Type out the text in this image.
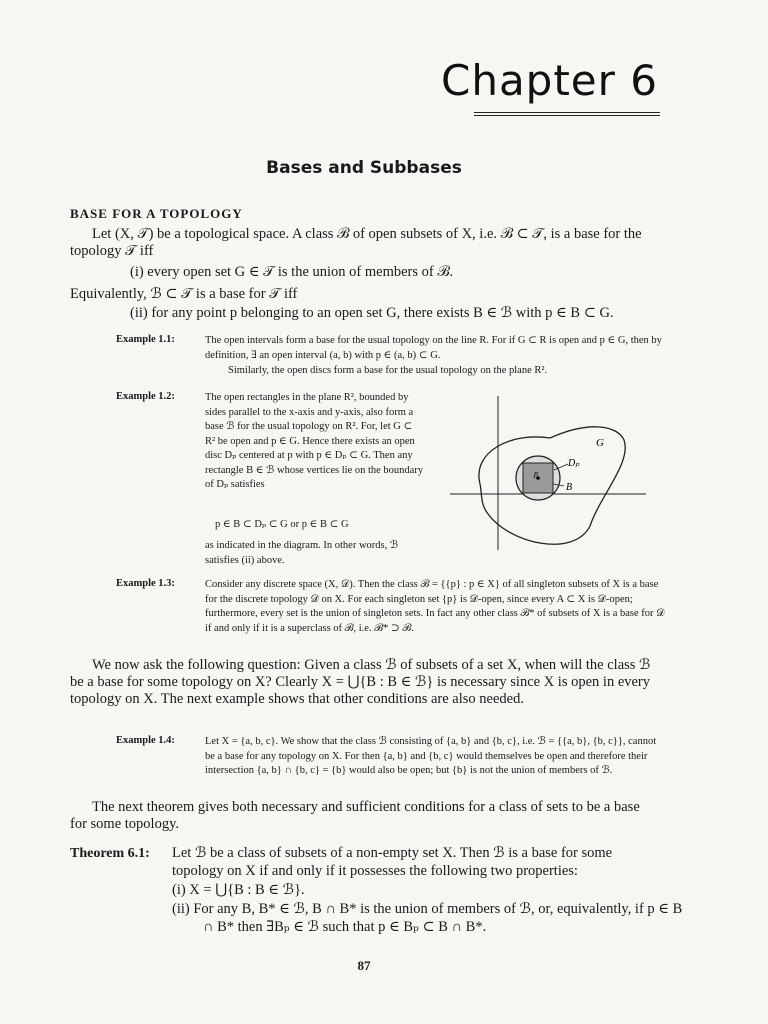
Chapter 6
Bases and Subbases
BASE FOR A TOPOLOGY
Let (X, 𝒯) be a topological space. A class ℬ of open subsets of X, i.e. ℬ ⊂ 𝒯, is a base for the topology 𝒯 iff
(i) every open set G ∈ 𝒯 is the union of members of ℬ.
Equivalently, ℬ ⊂ 𝒯 is a base for 𝒯 iff
(ii) for any point p belonging to an open set G, there exists B ∈ ℬ with p ∈ B ⊂ G.
Example 1.1:	The open intervals form a base for the usual topology on the line R. For if G ⊂ R is open and p ∈ G, then by definition, ∃ an open interval (a, b) with p ∈ (a, b) ⊂ G.
Similarly, the open discs form a base for the usual topology on the plane R².
Example 1.2:	The open rectangles in the plane R², bounded by sides parallel to the x-axis and y-axis, also form a base ℬ for the usual topology on R². For, let G ⊂ R² be open and p ∈ G. Hence there exists an open disc Dₚ centered at p with p ∈ Dₚ ⊂ G. Then any rectangle B ∈ ℬ whose vertices lie on the boundary of Dₚ satisfies
p ∈ B ⊂ Dₚ ⊂ G or p ∈ B ⊂ G
as indicated in the diagram. In other words, ℬ satisfies (ii) above.
G
Dₚ
B
p
Example 1.3:	Consider any discrete space (X, 𝒟). Then the class ℬ = {{p} : p ∈ X} of all singleton subsets of X is a base for the discrete topology 𝒟 on X. For each singleton set {p} is 𝒟-open, since every A ⊂ X is 𝒟-open; furthermore, every set is the union of singleton sets. In fact any other class ℬ* of subsets of X is a base for 𝒟 if and only if it is a superclass of ℬ, i.e. ℬ* ⊃ ℬ.
We now ask the following question: Given a class ℬ of subsets of a set X, when will the class ℬ be a base for some topology on X? Clearly X = ⋃{B : B ∈ ℬ} is necessary since X is open in every topology on X. The next example shows that other conditions are also needed.
Example 1.4:	Let X = {a, b, c}. We show that the class ℬ consisting of {a, b} and {b, c}, i.e. ℬ = {{a, b}, {b, c}}, cannot be a base for any topology on X. For then {a, b} and {b, c} would themselves be open and therefore their intersection {a, b} ∩ {b, c} = {b} would also be open; but {b} is not the union of members of ℬ.
The next theorem gives both necessary and sufficient conditions for a class of sets to be a base for some topology.
Theorem 6.1: Let ℬ be a class of subsets of a non-empty set X. Then ℬ is a base for some topology on X if and only if it possesses the following two properties:
(i) X = ⋃{B : B ∈ ℬ}.
(ii) For any B, B* ∈ ℬ, B ∩ B* is the union of members of ℬ, or, equivalently, if p ∈ B ∩ B* then ∃Bₚ ∈ ℬ such that p ∈ Bₚ ⊂ B ∩ B*.
87
